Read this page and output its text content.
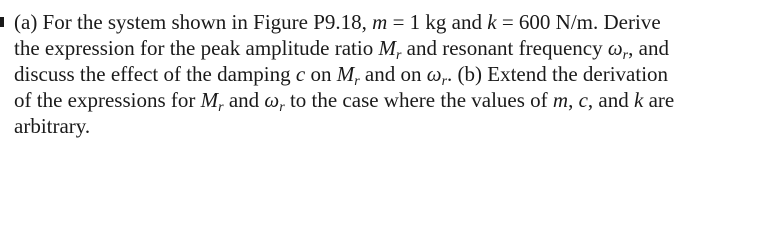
(a) For the system shown in Figure P9.18, m = 1 kg and k = 600 N/m. Derive
the expression for the peak amplitude ratio $M_r$ and resonant frequency $\omega_r$, and
discuss the effect of the damping c on $M_r$ and on $\omega_r$. (b) Extend the derivation
of the expressions for $M_r$ and $\omega_r$ to the case where the values of m, c, and k are
arbitrary.
